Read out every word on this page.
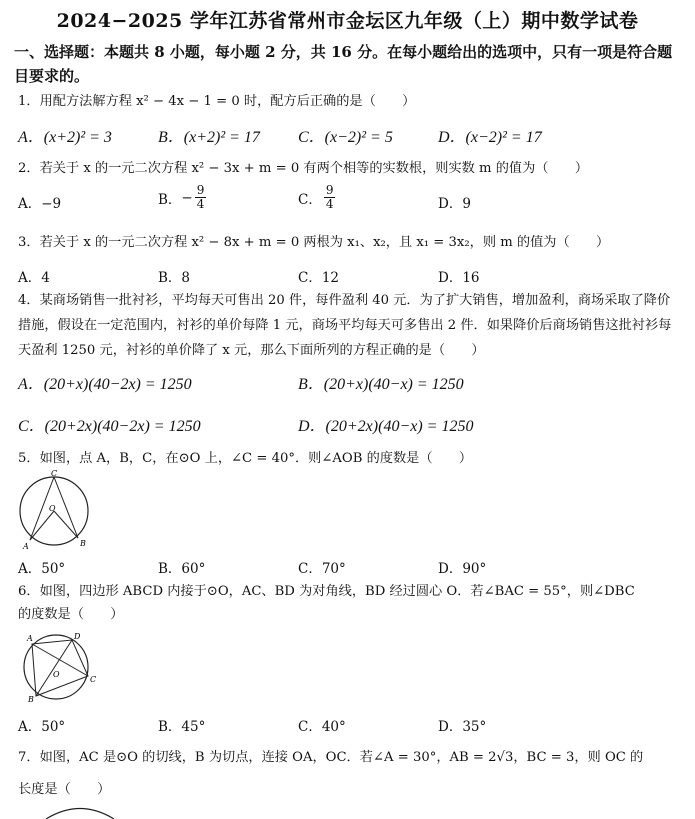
2024−2025 学年江苏省常州市金坛区九年级（上）期中数学试卷
一、选择题：本题共 8 小题，每小题 2 分，共 16 分。在每小题给出的选项中，只有一项是符合题目要求的。
1．用配方法解方程 x² − 4x − 1 = 0 时，配方后正确的是（　　）
A．(x+2)² = 3	B．(x+2)² = 17 C．(x−2)² = 5	D．(x−2)² = 17
2．若关于 x 的一元二次方程 x² − 3x + m = 0 有两个相等的实数根，则实数 m 的值为（　　）
A．−9	B． − $\frac{9}{4}$	C． $\frac{9}{4}$	D．9
3．若关于 x 的一元二次方程 x² − 8x + m = 0 两根为 x₁、x₂，且 x₁ = 3x₂，则 m 的值为（　　）
A．4	B．8	C．12	D．16
4．某商场销售一批衬衫，平均每天可售出 20 件，每件盈利 40 元．为了扩大销售，增加盈利，商场采取了降价措施，假设在一定范围内，衬衫的单价每降 1 元，商场平均每天可多售出 2 件．如果降价后商场销售这批衬衫每天盈利 1250 元，衬衫的单价降了 x 元，那么下面所列的方程正确的是（　　）
A．(20+x)(40−2x) = 1250	B．(20+x)(40−x) = 1250
C．(20+2x)(40−2x) = 1250	D．(20+2x)(40−x) = 1250
5．如图，点 A，B，C，在⊙O 上，∠C = 40°．则∠AOB 的度数是（　　）
C
O
A	B
A．50°	B．60°	C．70°	D．90°
6．如图，四边形 ABCD 内接于⊙O，AC、BD 为对角线，BD 经过圆心 O．若∠BAC = 55°，则∠DBC
的度数是（　　）
A	D
O
C
B
A．50°	B．45°	C．40°	D．35°
7．如图，AC 是⊙O 的切线，B 为切点，连接 OA，OC．若∠A = 30°，AB = 2√3，BC = 3，则 OC 的
长度是（　　）
